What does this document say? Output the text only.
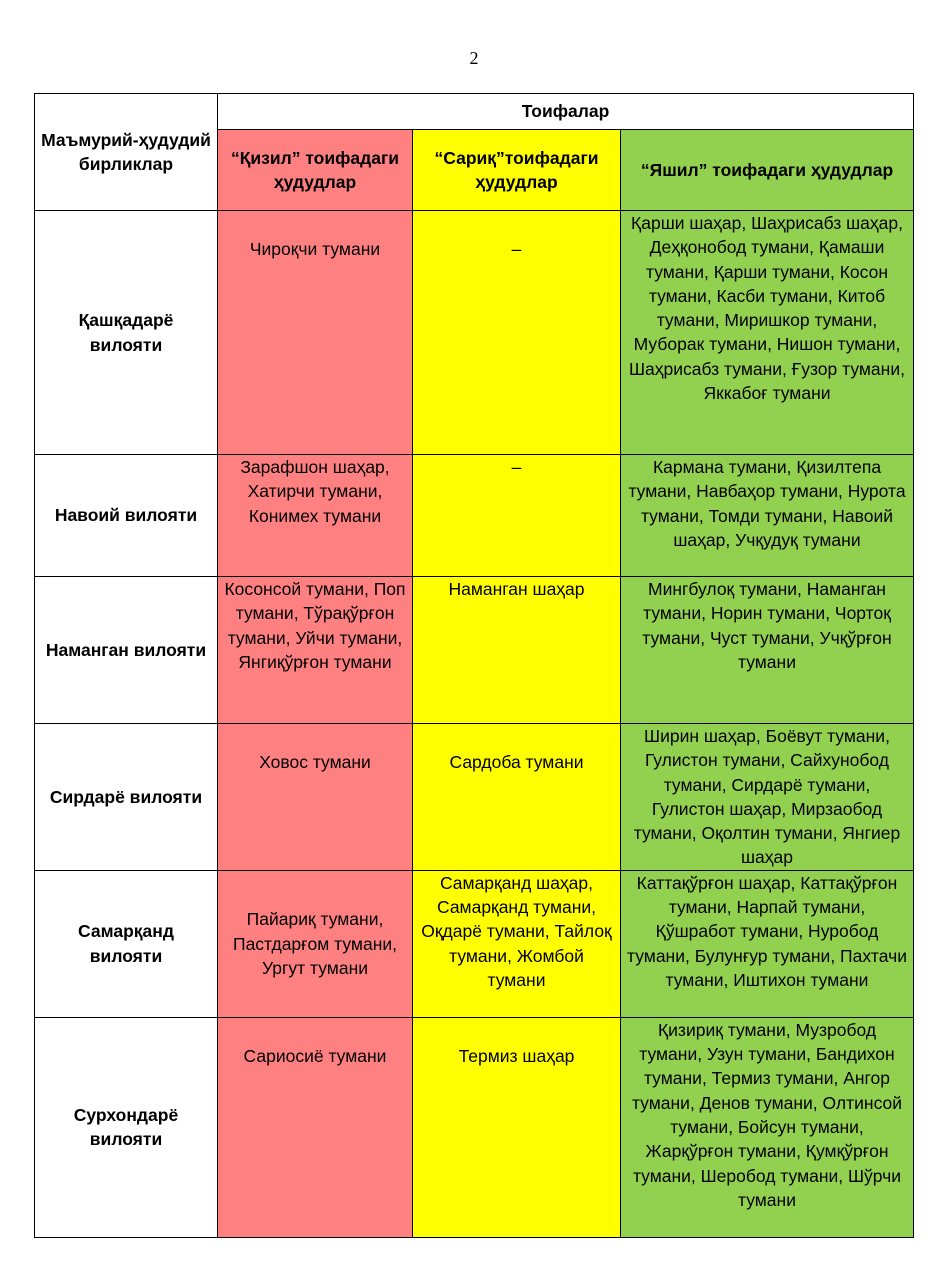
2
Маъмурий-ҳудудий бирликлар	Тоифалар		
	“Қизил” тоифадаги ҳудудлар	“Сариқ”тоифадаги ҳудудлар	“Яшил” тоифадаги ҳудудлар
Қашқадарё вилояти	Чироқчи тумани	–	Қарши шаҳар, Шаҳрисабз шаҳар, Деҳқонобод тумани, Қамаши тумани, Қарши тумани, Косон тумани, Касби тумани, Китоб тумани, Миришкор тумани, Муборак тумани, Нишон тумани, Шаҳрисабз тумани, Ғузор тумани, Яккабоғ тумани
Навоий вилояти	Зарафшон шаҳар, Хатирчи тумани, Конимех тумани	–	Кармана тумани, Қизилтепа тумани, Навбаҳор тумани, Нурота тумани, Томди тумани, Навоий шаҳар, Учқудуқ тумани
Наманган вилояти	Косонсой тумани, Поп тумани, Тўрақўрғон тумани, Уйчи тумани, Янгиқўрғон тумани	Наманган шаҳар	Мингбулоқ тумани, Наманган тумани, Норин тумани, Чортоқ тумани, Чуст тумани, Учқўрғон тумани
Сирдарё вилояти	Ховос тумани	Сардоба тумани	Ширин шаҳар, Боёвут тумани, Гулистон тумани, Сайхунобод тумани, Сирдарё тумани, Гулистон шаҳар, Мирзаобод тумани, Оқолтин тумани, Янгиер шаҳар
Самарқанд вилояти	Пайариқ тумани, Пастдарғом тумани, Ургут тумани	Самарқанд шаҳар, Самарқанд тумани, Оқдарё тумани, Тайлоқ тумани, Жомбой тумани	Каттақўрғон шаҳар, Каттақўрғон тумани, Нарпай тумани, Қўшработ тумани, Нуробод тумани, Булунғур тумани, Пахтачи тумани, Иштихон тумани
Сурхондарё вилояти	Сариосиё тумани	Термиз шаҳар	Қизириқ тумани, Музробод тумани, Узун тумани, Бандихон тумани, Термиз тумани, Ангор тумани, Денов тумани, Олтинсой тумани, Бойсун тумани, Жарқўрғон тумани, Қумқўрғон тумани, Шеробод тумани, Шўрчи тумани
